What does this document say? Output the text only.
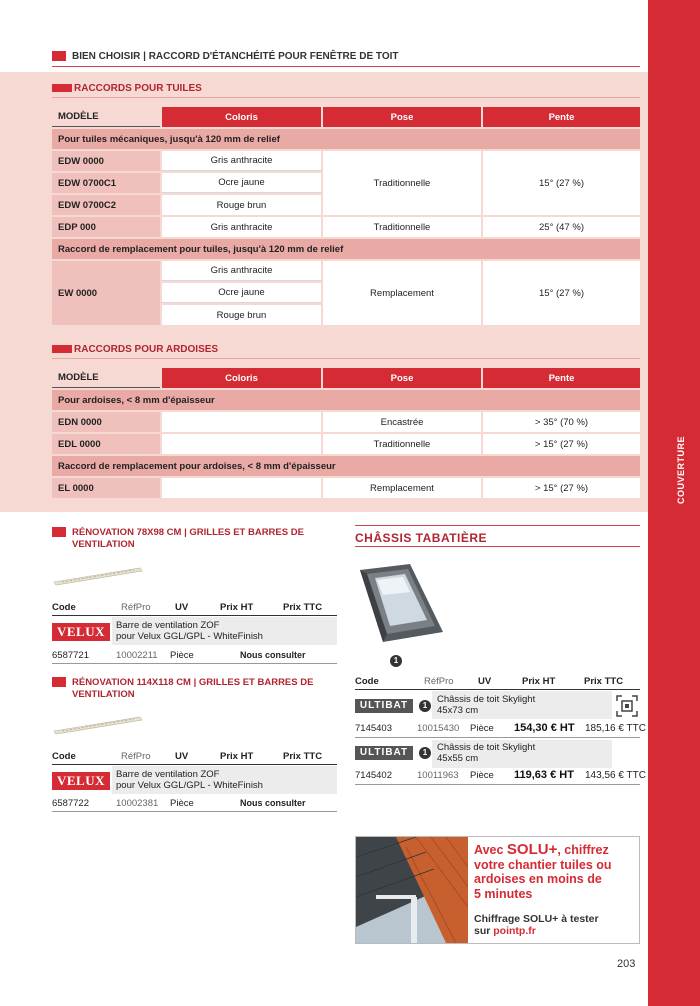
COUVERTURE
BIEN CHOISIR | RACCORD D'ÉTANCHÉITÉ POUR FENÊTRE DE TOIT
RACCORDS POUR TUILES
MODÈLE	Coloris	Pose	Pente
Pour tuiles mécaniques, jusqu'à 120 mm de relief			
EDW 0000	Gris anthracite	Traditionnelle	15° (27 %)
EDW 0700C1	Ocre jaune		
EDW 0700C2	Rouge brun		
EDP 000	Gris anthracite	Traditionnelle	25° (47 %)
Raccord de remplacement pour tuiles, jusqu'à 120 mm de relief			
EW 0000	Gris anthracite	Remplacement	15° (27 %)
	Ocre jaune		
	Rouge brun		
RACCORDS POUR ARDOISES
MODÈLE	Coloris	Pose	Pente
Pour ardoises, < 8 mm d'épaisseur			
EDN 0000		Encastrée	> 35° (70 %)
EDL 0000		Traditionnelle	> 15° (27 %)
Raccord de remplacement pour ardoises, < 8 mm d'épaisseur			
EL 0000		Remplacement	> 15° (27 %)
RÉNOVATION 78X98 CM | GRILLES ET BARRES DE
VENTILATION
Code	RéfPro	UV	Prix HT	Prix TTC
VELUX	Barre de ventilation ZOF
pour Velux GGL/GPL - WhiteFinish
6587721	10002211 Pièce	Nous consulter
RÉNOVATION 114X118 CM | GRILLES ET BARRES DE
VENTILATION
Code	RéfPro	UV	Prix HT	Prix TTC
VELUX	Barre de ventilation ZOF
pour Velux GGL/GPL - WhiteFinish
6587722	10002381 Pièce	Nous consulter
CHÂSSIS TABATIÈRE
1
Code	RéfPro	UV	Prix HT	Prix TTC
ULTIBAT	1
Châssis de toit Skylight
45x73 cm
7145403	10015430 Pièce 154,30 € HT 185,16 € TTC
ULTIBAT	1	Châssis de toit Skylight
45x55 cm
7145402	10011963 Pièce 119,63 € HT 143,56 € TTC
Avec SOLU+, chiffrez
votre chantier tuiles ou
ardoises en moins de
5 minutes
Chiffrage SOLU+ à tester
sur pointp.fr
203
